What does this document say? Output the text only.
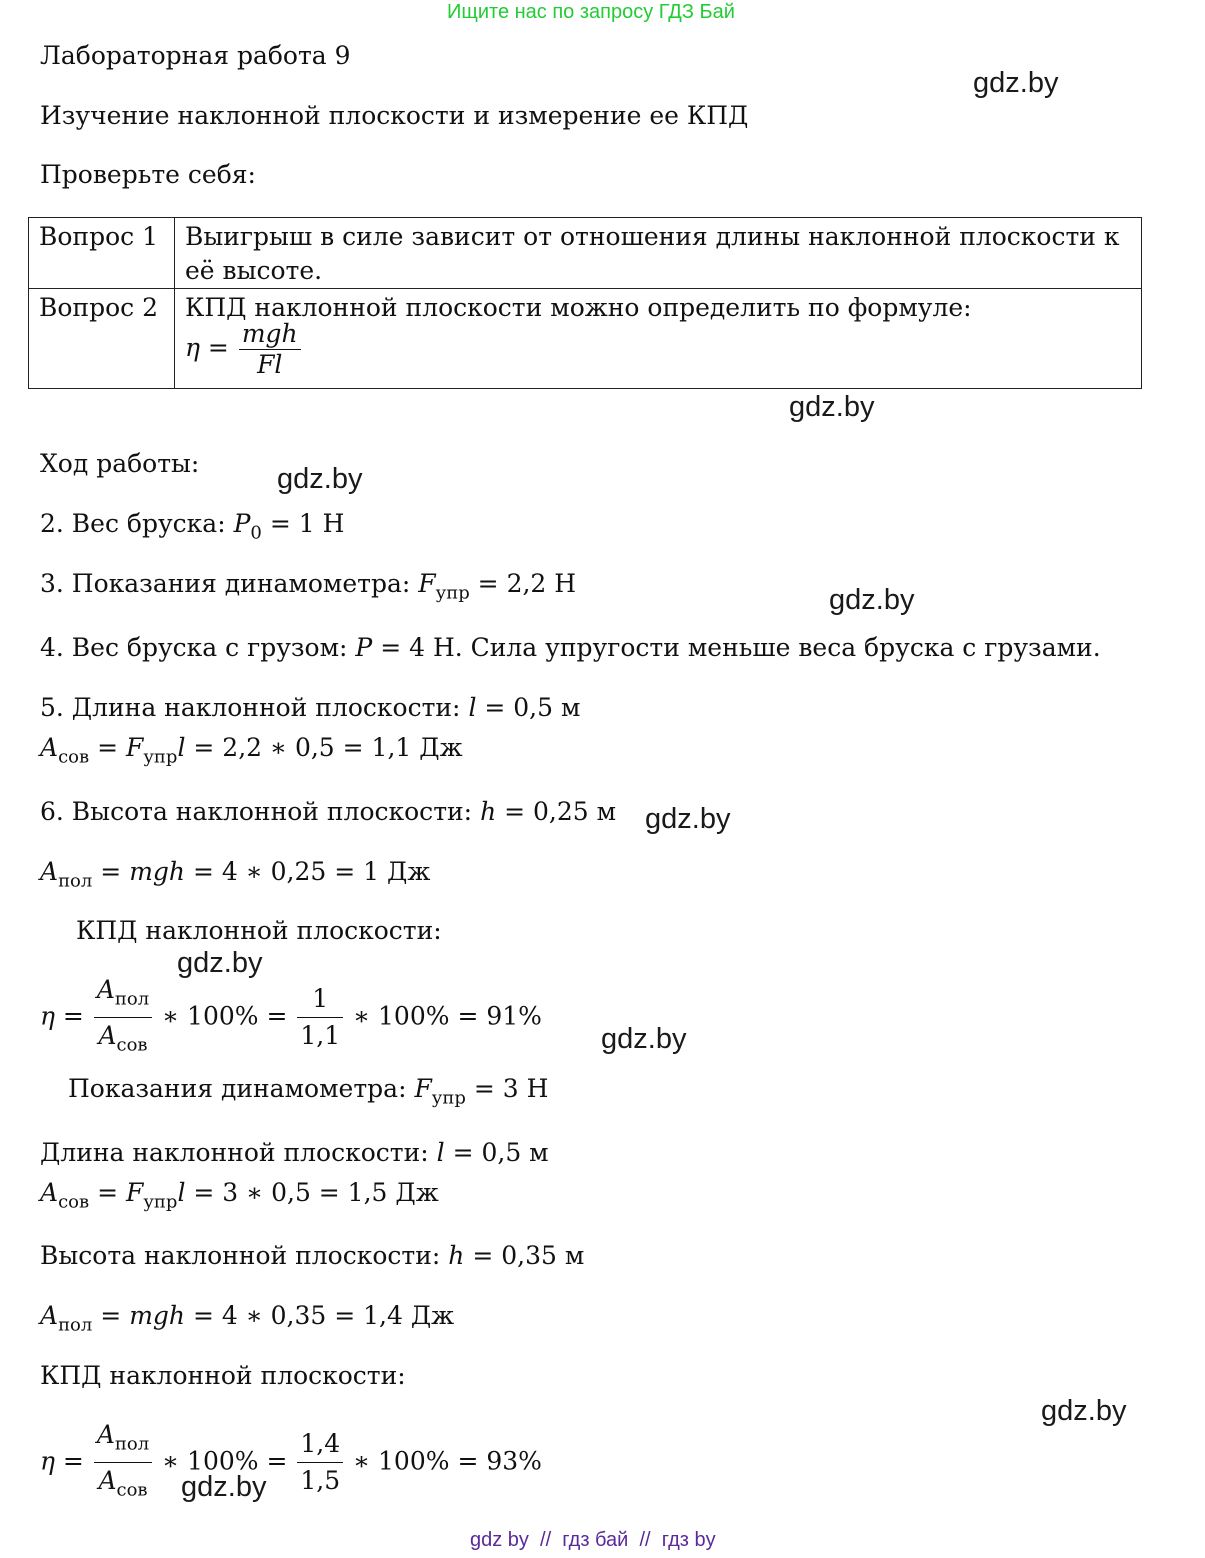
Ищите нас по запросу ГДЗ Бай
Лабораторная работа 9
Изучение наклонной плоскости и измерение ее КПД
Проверьте себя:
Вопрос 1	Выигрыш в силе зависит от отношения длины наклонной плоскости к её высоте.
Вопрос 2	КПД наклонной плоскости можно определить по формуле:
$\eta = \frac{\text{mgh}}{Fl}$
Ход работы:
2. Вес бруска: $P_0 = 1$ Н
3. Показания динамометра: $F_{упр} = 2,2$ Н
4. Вес бруска с грузом: P = 4 Н. Сила упругости меньше веса бруска с грузами.
5. Длина наклонной плоскости: l = 0,5 м
$A_{сов} = F_{упр}l = 2,2$ ∗ 0,5 = 1,1 Дж
6. Высота наклонной плоскости: h = 0,25 м
$A_{пол}$ = mgh = 4 ∗ 0,25 = 1 Дж
КПД наклонной плоскости:
$\eta = \frac{A_{пол}}{A_{сов}}$ ∗ $100\% = \frac{1}{1,1}$ ∗ 100% = 91%
Показания динамометра: $F_{упр} = 3$ Н
Длина наклонной плоскости: l = 0,5 м
$A_{сов} = F_{упр}l = 3$ ∗ 0,5 = 1,5 Дж
Высота наклонной плоскости: h = 0,35 м
$A_{пол}$ = mgh = 4 ∗ 0,35 = 1,4 Дж
КПД наклонной плоскости:
$\eta = \frac{A_{пол}}{A_{сов}}$ ∗ $100\% = \frac{1,4}{1,5}$ ∗ 100% = 93%
gdz.by
gdz.by
gdz.by
gdz.by
gdz.by
gdz.by
gdz.by
gdz.by
gdz.by
gdz by  //  гдз бай  //  гдз by
